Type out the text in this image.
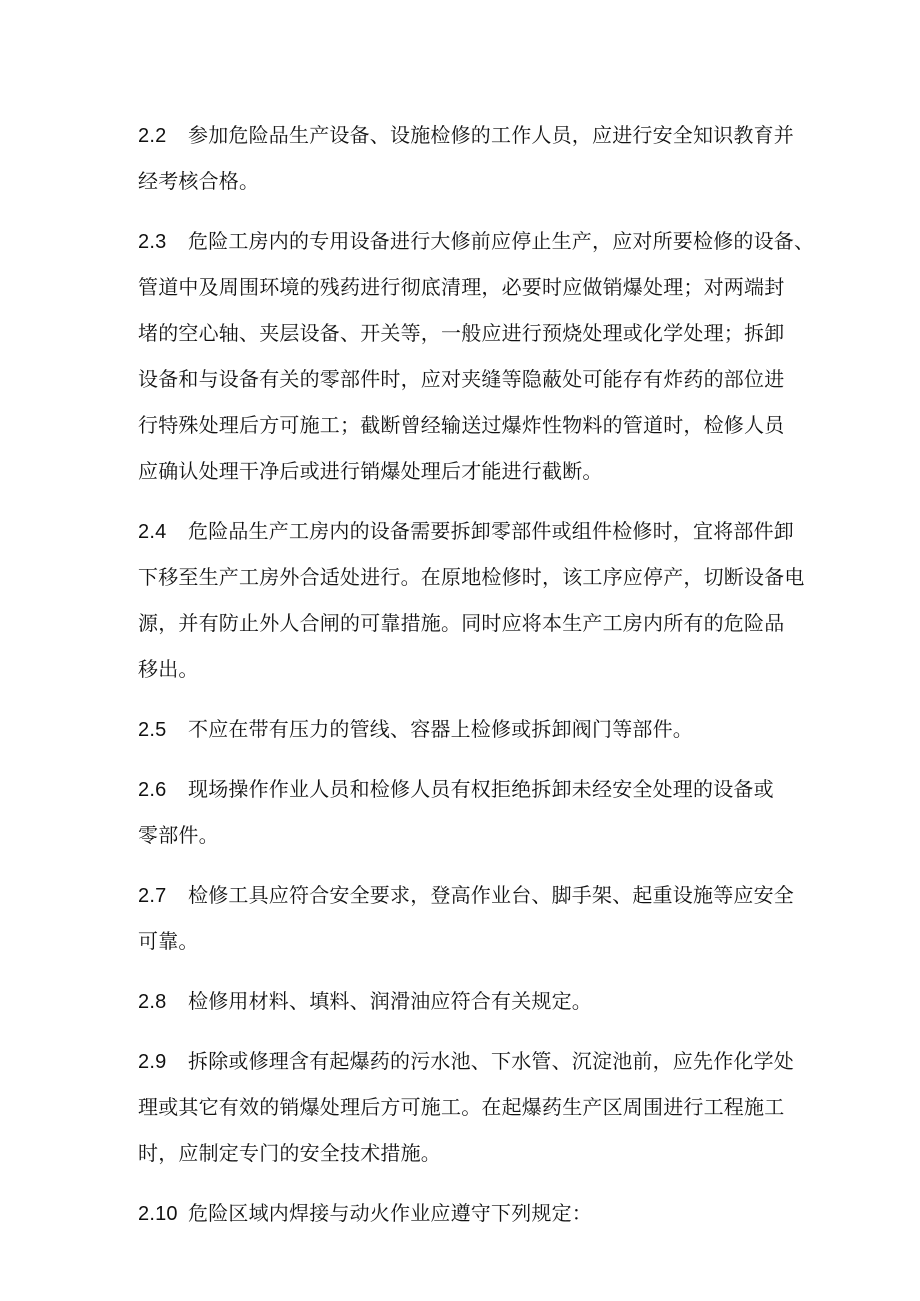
2.2 参加危险品生产设备、设施检修的工作人员，应进行安全知识教育并
经考核合格。
2.3 危险工房内的专用设备进行大修前应停止生产，应对所要检修的设备、
管道中及周围环境的残药进行彻底清理，必要时应做销爆处理；对两端封
堵的空心轴、夹层设备、开关等，一般应进行预烧处理或化学处理；拆卸
设备和与设备有关的零部件时，应对夹缝等隐蔽处可能存有炸药的部位进
行特殊处理后方可施工；截断曾经输送过爆炸性物料的管道时，检修人员
应确认处理干净后或进行销爆处理后才能进行截断。
2.4 危险品生产工房内的设备需要拆卸零部件或组件检修时，宜将部件卸
下移至生产工房外合适处进行。在原地检修时，该工序应停产，切断设备电
源，并有防止外人合闸的可靠措施。同时应将本生产工房内所有的危险品
移出。
2.5 不应在带有压力的管线、容器上检修或拆卸阀门等部件。
2.6 现场操作作业人员和检修人员有权拒绝拆卸未经安全处理的设备或
零部件。
2.7 检修工具应符合安全要求，登高作业台、脚手架、起重设施等应安全
可靠。
2.8 检修用材料、填料、润滑油应符合有关规定。
2.9 拆除或修理含有起爆药的污水池、下水管、沉淀池前，应先作化学处
理或其它有效的销爆处理后方可施工。在起爆药生产区周围进行工程施工
时，应制定专门的安全技术措施。
2.10 危险区域内焊接与动火作业应遵守下列规定：
